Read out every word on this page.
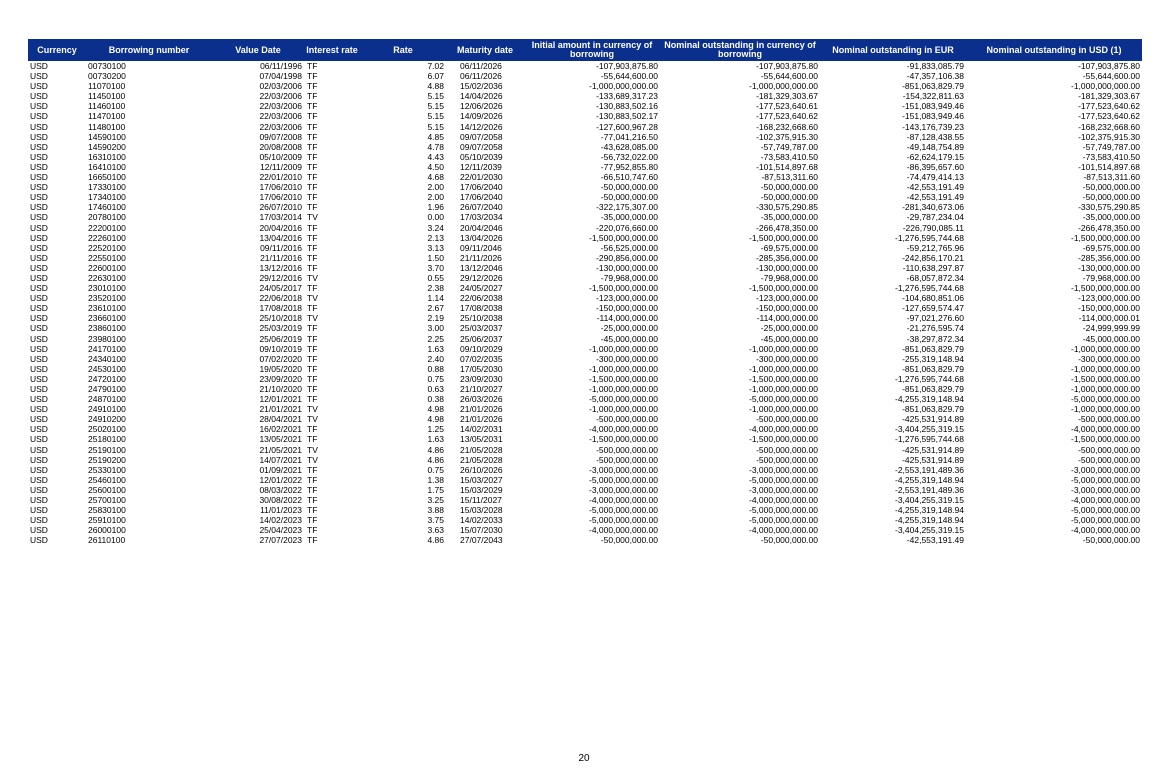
Currency	Borrowing number	Value Date	Interest rate	Rate	Maturity date	Initial amount in currency of borrowing	Nominal outstanding in currency of borrowing	Nominal outstanding in EUR	Nominal outstanding in USD (1)
USD	00730100	06/11/1996	TF	7.02	06/11/2026	-107,903,875.80	-107,903,875.80	-91,833,085.79	-107,903,875.80
USD	00730200	07/04/1998	TF	6.07	06/11/2026	-55,644,600.00	-55,644,600.00	-47,357,106.38	-55,644,600.00
USD	11070100	02/03/2006	TF	4.88	15/02/2036	-1,000,000,000.00	-1,000,000,000.00	-851,063,829.79	-1,000,000,000.00
USD	11450100	22/03/2006	TF	5.15	14/04/2026	-133,689,317.23	-181,329,303.67	-154,322,811.63	-181,329,303.67
USD	11460100	22/03/2006	TF	5.15	12/06/2026	-130,883,502.16	-177,523,640.61	-151,083,949.46	-177,523,640.62
USD	11470100	22/03/2006	TF	5.15	14/09/2026	-130,883,502.17	-177,523,640.62	-151,083,949.46	-177,523,640.62
USD	11480100	22/03/2006	TF	5.15	14/12/2026	-127,600,967.28	-168,232,668.60	-143,176,739.23	-168,232,668.60
USD	14590100	09/07/2008	TF	4.85	09/07/2058	-77,041,216.50	-102,375,915.30	-87,128,438.55	-102,375,915.30
USD	14590200	20/08/2008	TF	4.78	09/07/2058	-43,628,085.00	-57,749,787.00	-49,148,754.89	-57,749,787.00
USD	16310100	05/10/2009	TF	4.43	05/10/2039	-56,732,022.00	-73,583,410.50	-62,624,179.15	-73,583,410.50
USD	16410100	12/11/2009	TF	4.50	12/11/2039	-77,952,855.80	-101,514,897.68	-86,395,657.60	-101,514,897.68
USD	16650100	22/01/2010	TF	4.68	22/01/2030	-66,510,747.60	-87,513,311.60	-74,479,414.13	-87,513,311.60
USD	17330100	17/06/2010	TF	2.00	17/06/2040	-50,000,000.00	-50,000,000.00	-42,553,191.49	-50,000,000.00
USD	17340100	17/06/2010	TF	2.00	17/06/2040	-50,000,000.00	-50,000,000.00	-42,553,191.49	-50,000,000.00
USD	17460100	26/07/2010	TF	1.96	26/07/2040	-322,175,307.00	-330,575,290.85	-281,340,673.06	-330,575,290.85
USD	20780100	17/03/2014	TV	0.00	17/03/2034	-35,000,000.00	-35,000,000.00	-29,787,234.04	-35,000,000.00
USD	22200100	20/04/2016	TF	3.24	20/04/2046	-220,076,660.00	-266,478,350.00	-226,790,085.11	-266,478,350.00
USD	22260100	13/04/2016	TF	2.13	13/04/2026	-1,500,000,000.00	-1,500,000,000.00	-1,276,595,744.68	-1,500,000,000.00
USD	22520100	09/11/2016	TF	3.13	09/11/2046	-56,525,000.00	-69,575,000.00	-59,212,765.96	-69,575,000.00
USD	22550100	21/11/2016	TF	1.50	21/11/2026	-290,856,000.00	-285,356,000.00	-242,856,170.21	-285,356,000.00
USD	22600100	13/12/2016	TF	3.70	13/12/2046	-130,000,000.00	-130,000,000.00	-110,638,297.87	-130,000,000.00
USD	22630100	29/12/2016	TV	0.55	29/12/2026	-79,968,000.00	-79,968,000.00	-68,057,872.34	-79,968,000.00
USD	23010100	24/05/2017	TF	2.38	24/05/2027	-1,500,000,000.00	-1,500,000,000.00	-1,276,595,744.68	-1,500,000,000.00
USD	23520100	22/06/2018	TV	1.14	22/06/2038	-123,000,000.00	-123,000,000.00	-104,680,851.06	-123,000,000.00
USD	23610100	17/08/2018	TF	2.67	17/08/2038	-150,000,000.00	-150,000,000.00	-127,659,574.47	-150,000,000.00
USD	23660100	25/10/2018	TV	2.19	25/10/2038	-114,000,000.00	-114,000,000.00	-97,021,276.60	-114,000,000.01
USD	23860100	25/03/2019	TF	3.00	25/03/2037	-25,000,000.00	-25,000,000.00	-21,276,595.74	-24,999,999.99
USD	23980100	25/06/2019	TF	2.25	25/06/2037	-45,000,000.00	-45,000,000.00	-38,297,872.34	-45,000,000.00
USD	24170100	09/10/2019	TF	1.63	09/10/2029	-1,000,000,000.00	-1,000,000,000.00	-851,063,829.79	-1,000,000,000.00
USD	24340100	07/02/2020	TF	2.40	07/02/2035	-300,000,000.00	-300,000,000.00	-255,319,148.94	-300,000,000.00
USD	24530100	19/05/2020	TF	0.88	17/05/2030	-1,000,000,000.00	-1,000,000,000.00	-851,063,829.79	-1,000,000,000.00
USD	24720100	23/09/2020	TF	0.75	23/09/2030	-1,500,000,000.00	-1,500,000,000.00	-1,276,595,744.68	-1,500,000,000.00
USD	24790100	21/10/2020	TF	0.63	21/10/2027	-1,000,000,000.00	-1,000,000,000.00	-851,063,829.79	-1,000,000,000.00
USD	24870100	12/01/2021	TF	0.38	26/03/2026	-5,000,000,000.00	-5,000,000,000.00	-4,255,319,148.94	-5,000,000,000.00
USD	24910100	21/01/2021	TV	4.98	21/01/2026	-1,000,000,000.00	-1,000,000,000.00	-851,063,829.79	-1,000,000,000.00
USD	24910200	28/04/2021	TV	4.98	21/01/2026	-500,000,000.00	-500,000,000.00	-425,531,914.89	-500,000,000.00
USD	25020100	16/02/2021	TF	1.25	14/02/2031	-4,000,000,000.00	-4,000,000,000.00	-3,404,255,319.15	-4,000,000,000.00
USD	25180100	13/05/2021	TF	1.63	13/05/2031	-1,500,000,000.00	-1,500,000,000.00	-1,276,595,744.68	-1,500,000,000.00
USD	25190100	21/05/2021	TV	4.86	21/05/2028	-500,000,000.00	-500,000,000.00	-425,531,914.89	-500,000,000.00
USD	25190200	14/07/2021	TV	4.86	21/05/2028	-500,000,000.00	-500,000,000.00	-425,531,914.89	-500,000,000.00
USD	25330100	01/09/2021	TF	0.75	26/10/2026	-3,000,000,000.00	-3,000,000,000.00	-2,553,191,489.36	-3,000,000,000.00
USD	25460100	12/01/2022	TF	1.38	15/03/2027	-5,000,000,000.00	-5,000,000,000.00	-4,255,319,148.94	-5,000,000,000.00
USD	25600100	08/03/2022	TF	1.75	15/03/2029	-3,000,000,000.00	-3,000,000,000.00	-2,553,191,489.36	-3,000,000,000.00
USD	25700100	30/08/2022	TF	3.25	15/11/2027	-4,000,000,000.00	-4,000,000,000.00	-3,404,255,319.15	-4,000,000,000.00
USD	25830100	11/01/2023	TF	3.88	15/03/2028	-5,000,000,000.00	-5,000,000,000.00	-4,255,319,148.94	-5,000,000,000.00
USD	25910100	14/02/2023	TF	3.75	14/02/2033	-5,000,000,000.00	-5,000,000,000.00	-4,255,319,148.94	-5,000,000,000.00
USD	26000100	25/04/2023	TF	3.63	15/07/2030	-4,000,000,000.00	-4,000,000,000.00	-3,404,255,319.15	-4,000,000,000.00
USD	26110100	27/07/2023	TF	4.86	27/07/2043	-50,000,000.00	-50,000,000.00	-42,553,191.49	-50,000,000.00
20
